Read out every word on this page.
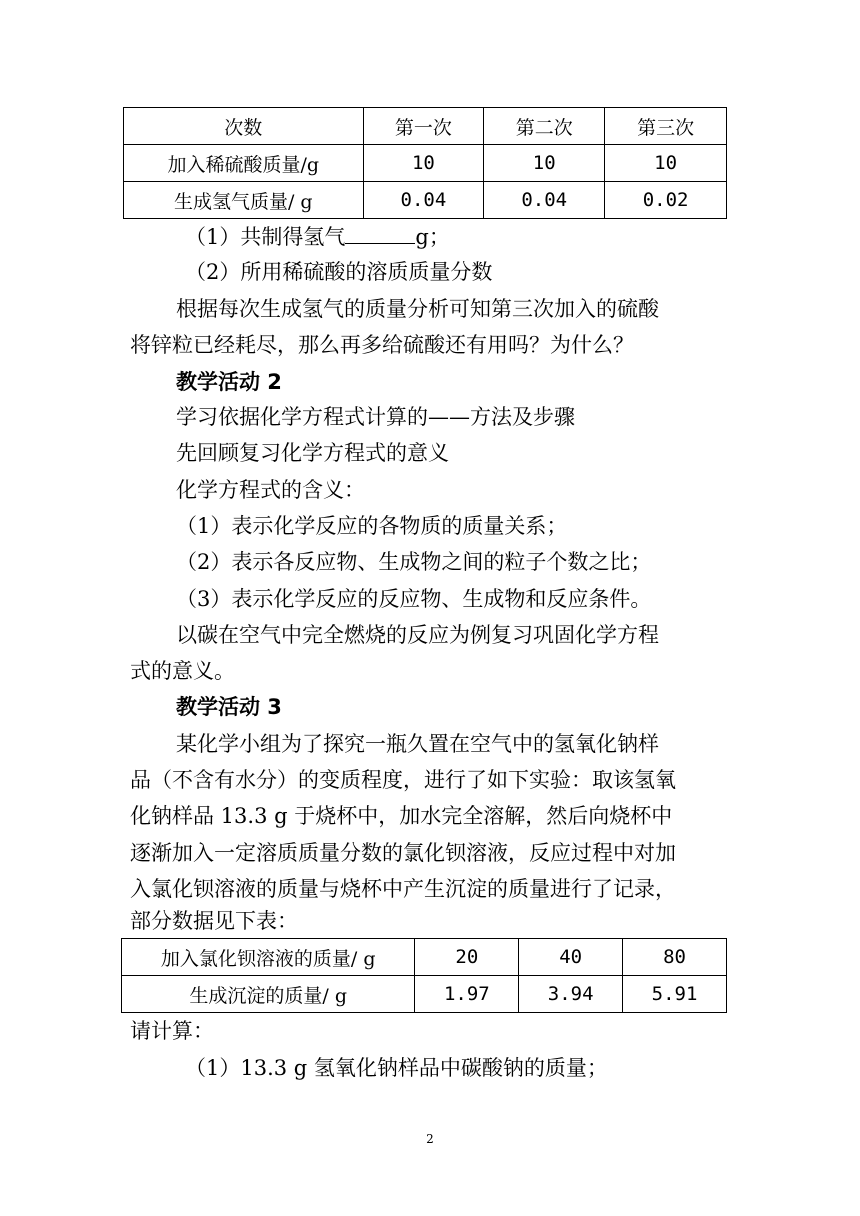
次数	第一次	第二次	第三次
加入稀硫酸质量/g	10	10	10
生成氢气质量/ g	0.04	0.04	0.02
（1）共制得氢气	g；
（2）所用稀硫酸的溶质质量分数
根据每次生成氢气的质量分析可知第三次加入的硫酸
将锌粒已经耗尽，那么再多给硫酸还有用吗？为什么？
教学活动 2
学习依据化学方程式计算的——方法及步骤
先回顾复习化学方程式的意义
化学方程式的含义：
（1）表示化学反应的各物质的质量关系；
（2）表示各反应物、生成物之间的粒子个数之比；
（3）表示化学反应的反应物、生成物和反应条件。
以碳在空气中完全燃烧的反应为例复习巩固化学方程
式的意义。
教学活动 3
某化学小组为了探究一瓶久置在空气中的氢氧化钠样
品（不含有水分）的变质程度，进行了如下实验：取该氢氧
化钠样品 13.3 g 于烧杯中，加水完全溶解，然后向烧杯中
逐渐加入一定溶质质量分数的氯化钡溶液，反应过程中对加
入氯化钡溶液的质量与烧杯中产生沉淀的质量进行了记录，
部分数据见下表：
加入氯化钡溶液的质量/ g	20	40	80
生成沉淀的质量/ g	1.97	3.94	5.91
请计算：
（1）13.3 g 氢氧化钠样品中碳酸钠的质量；
2
